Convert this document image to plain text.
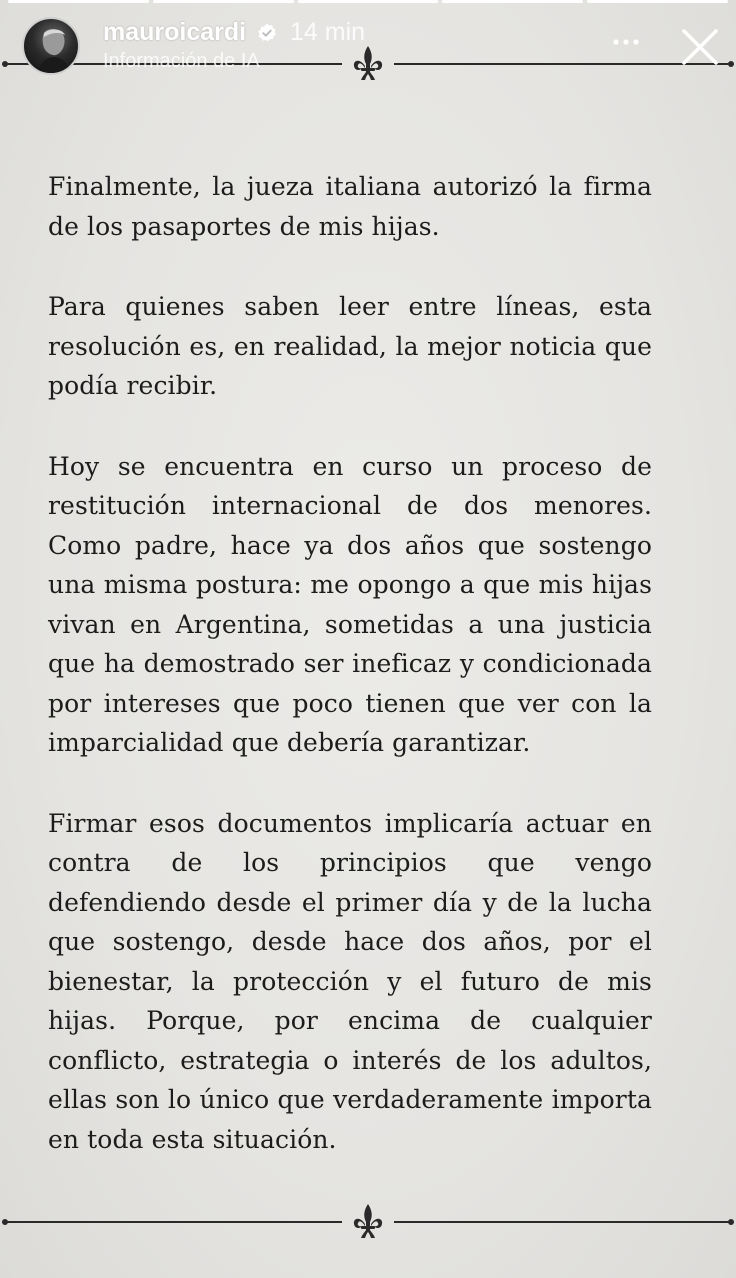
mauroicardi 14 min
Información de IA

Finalmente, la jueza italiana autorizó la firma de los pasaportes de mis hijas.

Para quienes saben leer entre líneas, esta resolución es, en realidad, la mejor noticia que podía recibir.

Hoy se encuentra en curso un proceso de restitución internacional de dos menores. Como padre, hace ya dos años que sostengo una misma postura: me opongo a que mis hijas vivan en Argentina, sometidas a una justicia que ha demostrado ser ineficaz y condicionada por intereses que poco tienen que ver con la imparcialidad que debería garantizar.

Firmar esos documentos implicaría actuar en contra de los principios que vengo defendiendo desde el primer día y de la lucha que sostengo, desde hace dos años, por el bienestar, la protección y el futuro de mis hijas. Porque, por encima de cualquier conflicto, estrategia o interés de los adultos, ellas son lo único que verdaderamente importa en toda esta situación.
